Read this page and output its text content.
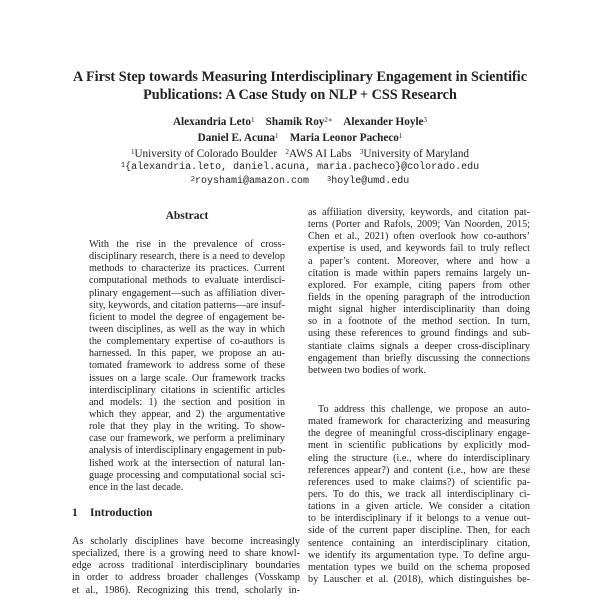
A First Step towards Measuring Interdisciplinary Engagement in Scientific
Publications: A Case Study on NLP + CSS Research
Alexandria Leto$^1$ Shamik Roy$^{2∗}$ Alexander Hoyle$^3$
Daniel E. Acuna$^1$ Maria Leonor Pacheco$^1$
$^1$University of Colorado Boulder $^2$AWS AI Labs $^3$University of Maryland
$^1${alexandria.leto, daniel.acuna, maria.pacheco}@colorado.edu
$^2$royshami@amazon.com	$^3$hoyle@umd.edu
Abstract
With the rise in the prevalence of cross-
disciplinary research, there is a need to develop
methods to characterize its practices. Current
computational methods to evaluate interdisci-
plinary engagement—such as affiliation diver-
sity, keywords, and citation patterns—are insuf-
ficient to model the degree of engagement be-
tween disciplines, as well as the way in which
the complementary expertise of co-authors is
harnessed. In this paper, we propose an au-
tomated framework to address some of these
issues on a large scale. Our framework tracks
interdisciplinary citations in scientific articles
and models: 1) the section and position in
which they appear, and 2) the argumentative
role that they play in the writing. To show-
case our framework, we perform a preliminary
analysis of interdisciplinary engagement in pub-
lished work at the intersection of natural lan-
guage processing and computational social sci-
ence in the last decade.
1 Introduction
As scholarly disciplines have become increasingly
specialized, there is a growing need to share knowl-
edge across traditional interdisciplinary boundaries
in order to address broader challenges (Vosskamp
et al., 1986). Recognizing this trend, scholarly in-
as affiliation diversity, keywords, and citation pat-
terns (Porter and Rafols, 2009; Van Noorden, 2015;
Chen et al., 2021) often overlook how co-authors’
expertise is used, and keywords fail to truly reflect
a paper’s content. Moreover, where and how a
citation is made within papers remains largely un-
explored. For example, citing papers from other
fields in the opening paragraph of the introduction
might signal higher interdisciplinarity than doing
so in a footnote of the method section. In turn,
using these references to ground findings and sub-
stantiate claims signals a deeper cross-disciplinary
engagement than briefly discussing the connections
between two bodies of work.
To address this challenge, we propose an auto-
mated framework for characterizing and measuring
the degree of meaningful cross-disciplinary engage-
ment in scientific publications by explicitly mod-
eling the structure (i.e., where do interdisciplinary
references appear?) and content (i.e., how are these
references used to make claims?) of scientific pa-
pers. To do this, we track all interdisciplinary ci-
tations in a given article. We consider a citation
to be interdisciplinary if it belongs to a venue out-
side of the current paper discipline. Then, for each
sentence containing an interdisciplinary citation,
we identify its argumentation type. To define argu-
mentation types we build on the schema proposed
by Lauscher et al. (2018), which distinguishes be-
